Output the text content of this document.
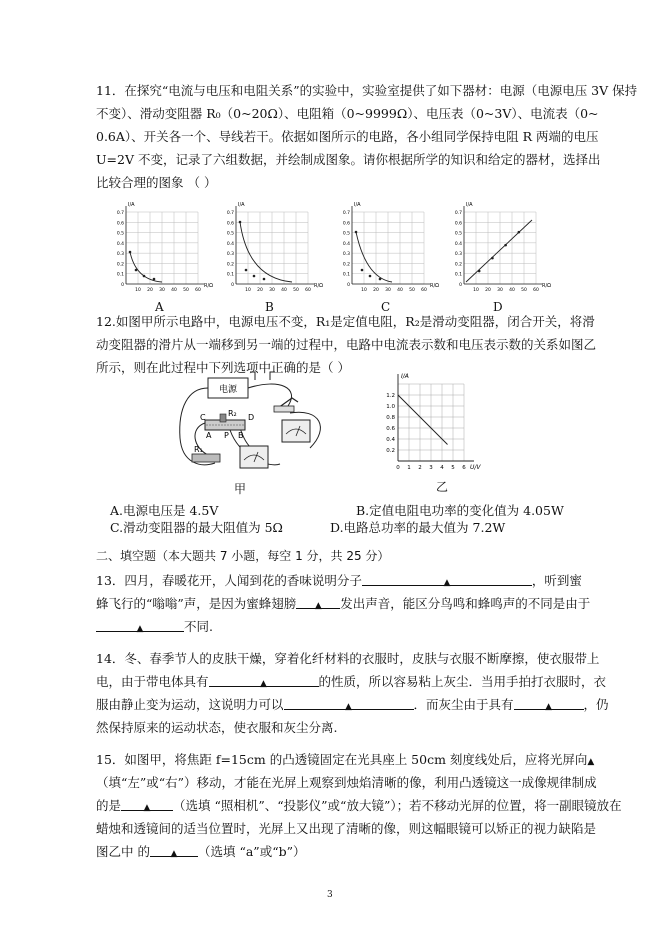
11．在探究“电流与电压和电阻关系”的实验中，实验室提供了如下器材：电源（电源电压 3V 保持
不变）、滑动变阻器 R₀（0~20Ω）、电阻箱（0~9999Ω）、电压表（0~3V）、电流表（0~
0.6A）、开关各一个、导线若干。依据如图所示的电路，各小组同学保持电阻 R 两端的电压
U=2V 不变，记录了六组数据，并绘制成图象。请你根据所学的知识和给定的器材，选择出
比较合理的图象 （ ）
I/A
R/Ω
0.7
0.6
0.5
0.4
0.3
0.2
0.1
0
10 20 30 40 50 60
I/A
R/Ω
0.7
0.6
0.5
0.4
0.3
0.2
0.1
0
10 20 30 40 50 60
I/A
R/Ω
0.7
0.6
0.5
0.4
0.3
0.2
0.1
0
10 20 30 40 50 60
I/A
R/Ω
0.7
0.6
0.5
0.4
0.3
0.2
0.1
0
10 20 30 40 50 60
A	B	C	D
12.如图甲所示电路中，电源电压不变，R₁是定值电阻，R₂是滑动变阻器，闭合开关，将滑
动变阻器的滑片从一端移到另一端的过程中，电路中电流表示数和电压表示数的关系如图乙
所示，则在此过程中下列选项中正确的是（ ）
电源
C	R₂ D
A P B
R₁
甲
I/A
U/V
1.2
1.0
0.8
0.6
0.4
0.2
0 1 2 3 4 5 6
乙
A.电源电压是 4.5V	B.定值电阻电功率的变化值为 4.05W
C.滑动变阻器的最大阻值为 5Ω	D.电路总功率的最大值为 7.2W
二、填空题（本大题共 7 小题，每空 1 分，共 25 分）
13．四月，春暖花开，人闻到花的香味说明分子	▲	，听到蜜
蜂飞行的“嗡嗡”声，是因为蜜蜂翅膀 ▲ 发出声音，能区分鸟鸣和蜂鸣声的不同是由于
▲	不同.
14．冬、春季节人的皮肤干燥，穿着化纤材料的衣服时，皮肤与衣服不断摩擦，使衣服带上
电，由于带电体具有	▲	的性质，所以容易粘上灰尘．当用手拍打衣服时，衣
服由静止变为运动，这说明力可以	▲	．而灰尘由于具有	▲	，仍
然保持原来的运动状态，使衣服和灰尘分离.
15．如图甲，将焦距 f=15cm 的凸透镜固定在光具座上 50cm 刻度线处后，应将光屏向▲
（填“左”或“右”）移动，才能在光屏上观察到烛焰清晰的像，利用凸透镜这一成像规律制成
的是	▲ （选填 “照相机”、“投影仪”或“放大镜”）；若不移动光屏的位置，将一副眼镜放在
蜡烛和透镜间的适当位置时，光屏上又出现了清晰的像，则这幅眼镜可以矫正的视力缺陷是
图乙中 的 ▲ （选填 “a”或“b”）
3
